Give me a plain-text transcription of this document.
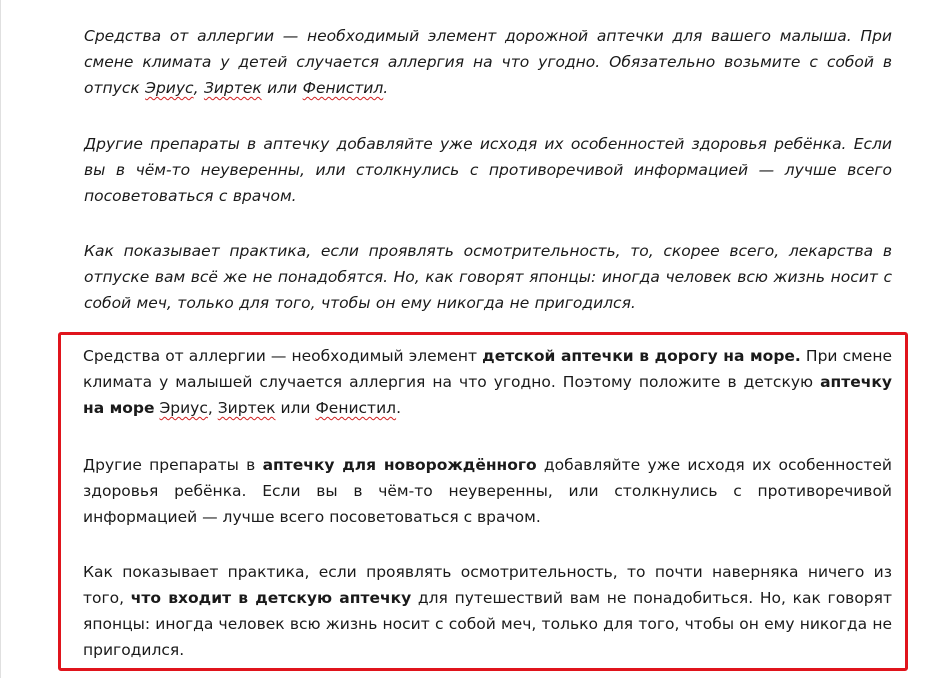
Средства от аллергии — необходимый элемент дорожной аптечки для вашего малыша. При смене климата у детей случается аллергия на что угодно. Обязательно возьмите с собой в отпуск Эриус, Зиртек или Фенистил.

Другие препараты в аптечку добавляйте уже исходя их особенностей здоровья ребёнка. Если вы в чём-то неуверенны, или столкнулись с противоречивой информацией — лучше всего посоветоваться с врачом.

Как показывает практика, если проявлять осмотрительность, то, скорее всего, лекарства в отпуске вам всё же не понадобятся. Но, как говорят японцы: иногда человек всю жизнь носит с собой меч, только для того, чтобы он ему никогда не пригодился.

Средства от аллергии — необходимый элемент детской аптечки в дорогу на море. При смене климата у малышей случается аллергия на что угодно. Поэтому положите в детскую аптечку на море Эриус, Зиртек или Фенистил.

Другие препараты в аптечку для новорождённого добавляйте уже исходя их особенностей здоровья ребёнка. Если вы в чём-то неуверенны, или столкнулись с противоречивой информацией — лучше всего посоветоваться с врачом.

Как показывает практика, если проявлять осмотрительность, то почти наверняка ничего из того, что входит в детскую аптечку для путешествий вам не понадобиться. Но, как говорят японцы: иногда человек всю жизнь носит с собой меч, только для того, чтобы он ему никогда не пригодился.
